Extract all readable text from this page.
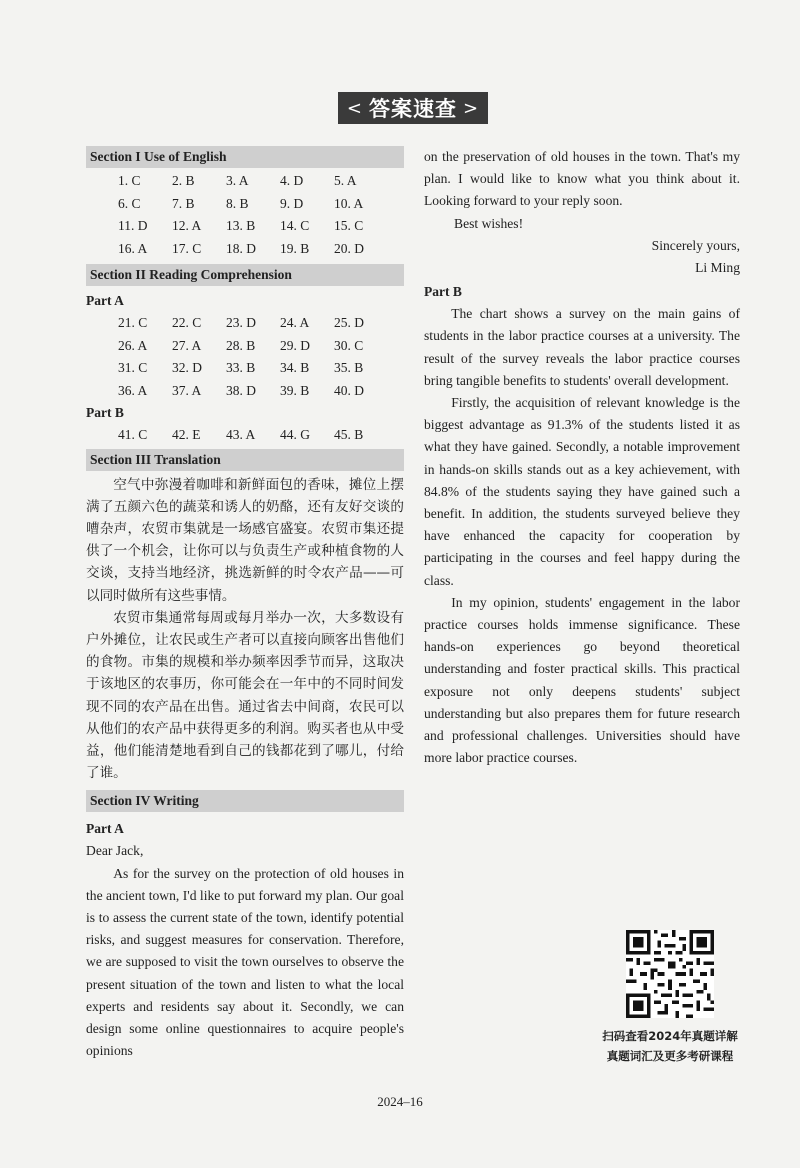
< 答案速查 >
Section I Use of English
1. C	2. B	3. A	4. D	5. A
6. C	7. B	8. B	9. D	10. A
11. D	12. A	13. B	14. C	15. C
16. A	17. C	18. D	19. B	20. D
Section II Reading Comprehension
Part A
21. C	22. C	23. D	24. A	25. D
26. A	27. A	28. B	29. D	30. C
31. C	32. D	33. B	34. B	35. B
36. A	37. A	38. D	39. B	40. D
Part B
41. C	42. E	43. A	44. G	45. B
Section III Translation

空气中弥漫着咖啡和新鲜面包的香味，摊位上摆满了五颜六色的蔬菜和诱人的奶酪，还有友好交谈的嘈杂声，农贸市集就是一场感官盛宴。农贸市集还提供了一个机会，让你可以与负责生产或种植食物的人交谈，支持当地经济，挑选新鲜的时令农产品——可以同时做所有这些事情。

农贸市集通常每周或每月举办一次，大多数设有户外摊位，让农民或生产者可以直接向顾客出售他们的食物。市集的规模和举办频率因季节而异，这取决于该地区的农事历，你可能会在一年中的不同时间发现不同的农产品在出售。通过省去中间商，农民可以从他们的农产品中获得更多的利润。购买者也从中受益，他们能清楚地看到自己的钱都花到了哪儿，付给了谁。

Section IV Writing
Part A

Dear Jack,

As for the survey on the protection of old houses in the ancient town, I'd like to put forward my plan. Our goal is to assess the current state of the town, identify potential risks, and suggest measures for conservation. Therefore, we are supposed to visit the town ourselves to observe the present situation of the town and listen to what the local experts and residents say about it. Secondly, we can design some online questionnaires to acquire people's opinions

on the preservation of old houses in the town. That's my plan. I would like to know what you think about it. Looking forward to your reply soon.

Best wishes!

Sincerely yours,

Li Ming

Part B

The chart shows a survey on the main gains of students in the labor practice courses at a university. The result of the survey reveals the labor practice courses bring tangible benefits to students' overall development.

Firstly, the acquisition of relevant knowledge is the biggest advantage as 91.3% of the students listed it as what they have gained. Secondly, a notable improvement in hands-on skills stands out as a key achievement, with 84.8% of the students saying they have gained such a benefit. In addition, the students surveyed believe they have enhanced the capacity for cooperation by participating in the courses and feel happy during the class.

In my opinion, students' engagement in the labor practice courses holds immense significance. These hands-on experiences go beyond theoretical understanding and foster practical skills. This practical exposure not only deepens students' subject understanding but also prepares them for future research and professional challenges. Universities should have more labor practice courses.

扫码查看2024年真题详解
真题词汇及更多考研课程
2024–16
